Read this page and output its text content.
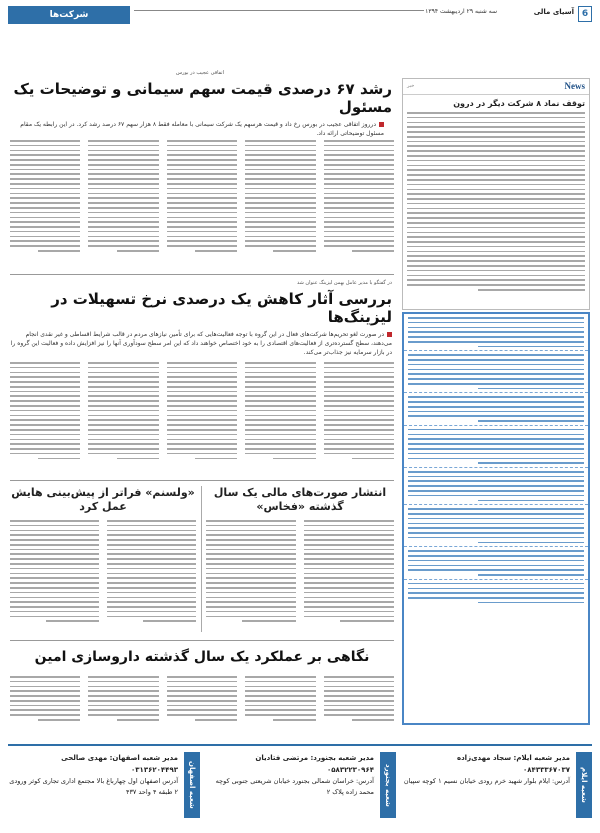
6
آسیای مالی
سه شنبه ۲۹ اردیبهشت ۱۳۹۴
شرکت‌ها
اتفاقی عجیب در بورس
رشد ۶۷ درصدی قیمت سهم سیمانی و توضیحات یک مسئول
درروز اتفاقی عجیب در بورس رخ داد و قیمت هرسهم یک شرکت سیمانی با معامله فقط ۸ هزار سهم ۶۷ درصد رشد کرد. در این رابطه یک مقام مسئول توضیحاتی ارائه داد.
News
خبر
توقف نماد ۸ شرکت دیگر در درون
در گفتگو با مدیر عامل بهمن لیزینگ عنوان شد
بررسی آثار کاهش یک درصدی نرخ تسهیلات در لیزینگ‌ها
در صورت لغو تحریم‌ها شرکت‌های فعال در این گروه با توجه فعالیت‌هایی که برای تأمین نیازهای مردم در قالب شرایط اقساطی و غیر نقدی انجام می‌دهند، سطح گسترده‌تری از فعالیت‌های اقتصادی را به خود اختصاص خواهند داد که این امر سطح سودآوری آنها را نیز افزایش داده و فعالیت این گروه را در بازار سرمایه نیز جذاب‌تر می‌کند.
انتشار صورت‌های مالی یک سال گذشته «فخاس»
«ولسنم» فراتر از پیش‌بینی هایش عمل کرد
نگاهی بر عملکرد یک سال گذشته داروسازی امین
شعبه ایلام
مدیر شعبه ایلام: سجاد مهدی‌زاده
۰۸۴۳۳۳۶۷۰۳۷
آدرس: ایلام بلوار شهید خرم رودی خیابان نسیم ۱ کوچه سپیان
شعبه بجنورد
مدیر شعبه بجنورد: مرتضی فتادیان
۰۵۸۳۲۲۳۰۹۶۴
آدرس: خراسان شمالی بجنورد خیابان شریعتی جنوبی کوچه محمد زاده پلاک ۲
شعبه اصفهان
مدیر شعبه اصفهان: مهدی صالحی
۰۳۱۳۶۲۰۴۴۹۳
آدرس اصفهان اول چهارباغ بالا مجتمع اداری تجاری کوثر ورودی ۲ طبقه ۴ واحد ۴۳۷
